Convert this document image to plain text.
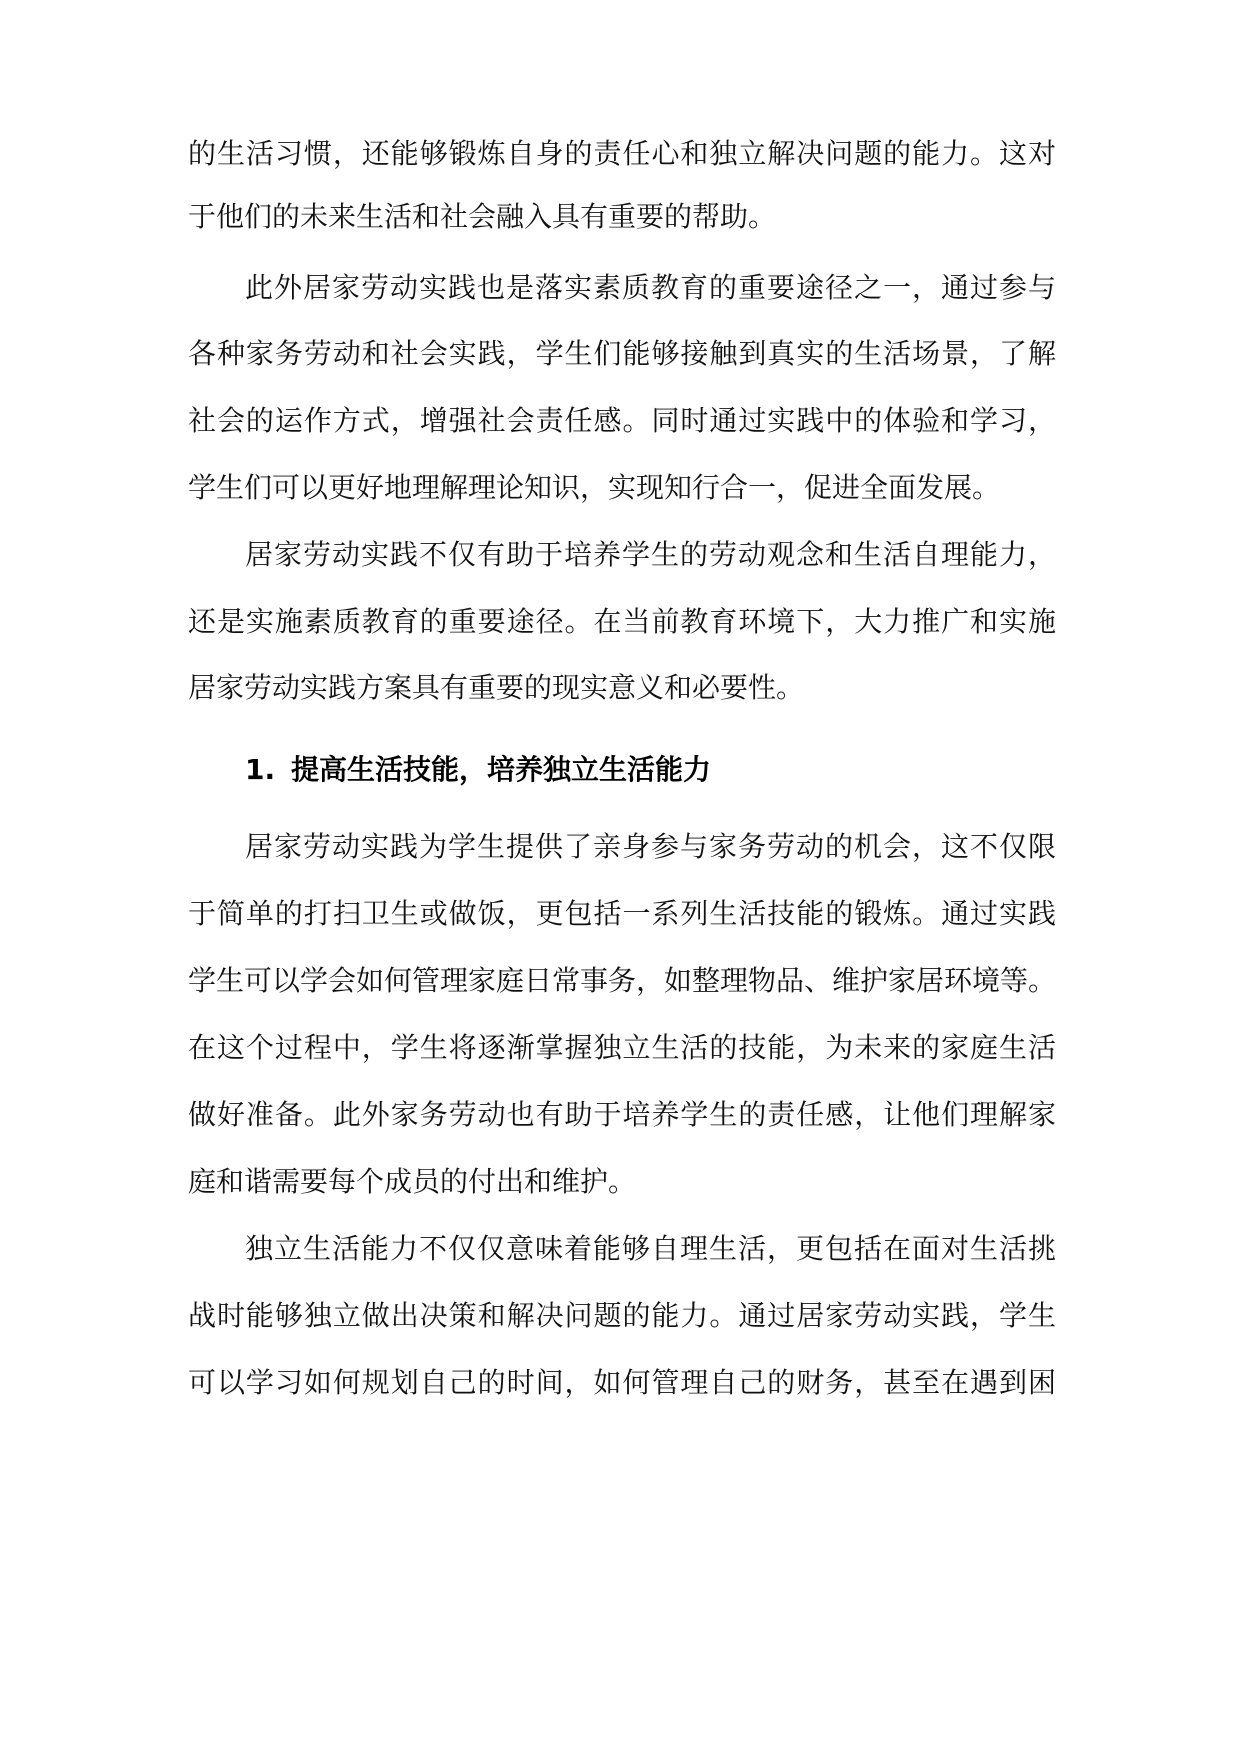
的生活习惯，还能够锻炼自身的责任心和独立解决问题的能力。这对
于他们的未来生活和社会融入具有重要的帮助。
此外居家劳动实践也是落实素质教育的重要途径之一，通过参与
各种家务劳动和社会实践，学生们能够接触到真实的生活场景，了解
社会的运作方式，增强社会责任感。同时通过实践中的体验和学习，
学生们可以更好地理解理论知识，实现知行合一，促进全面发展。
居家劳动实践不仅有助于培养学生的劳动观念和生活自理能力，
还是实施素质教育的重要途径。在当前教育环境下，大力推广和实施
居家劳动实践方案具有重要的现实意义和必要性。
1. 提高生活技能，培养独立生活能力
居家劳动实践为学生提供了亲身参与家务劳动的机会，这不仅限
于简单的打扫卫生或做饭，更包括一系列生活技能的锻炼。通过实践
学生可以学会如何管理家庭日常事务，如整理物品、维护家居环境等。
在这个过程中，学生将逐渐掌握独立生活的技能，为未来的家庭生活
做好准备。此外家务劳动也有助于培养学生的责任感，让他们理解家
庭和谐需要每个成员的付出和维护。
独立生活能力不仅仅意味着能够自理生活，更包括在面对生活挑
战时能够独立做出决策和解决问题的能力。通过居家劳动实践，学生
可以学习如何规划自己的时间，如何管理自己的财务，甚至在遇到困
